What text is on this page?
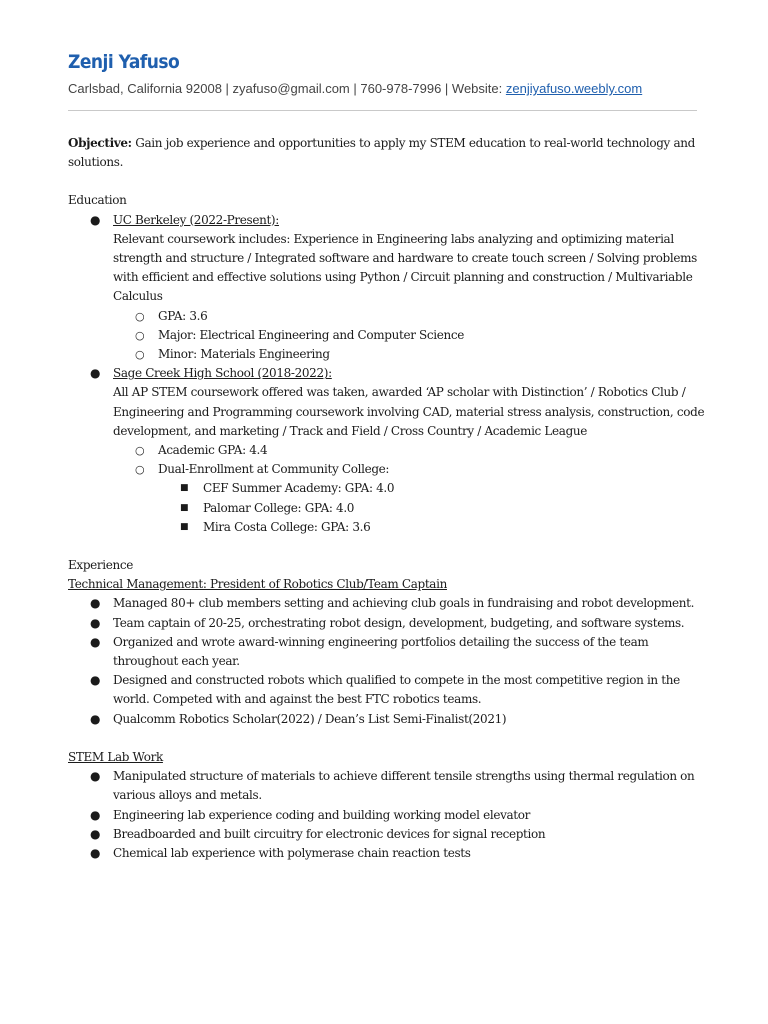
Zenji Yafuso
Carlsbad, California 92008 | zyafuso@gmail.com | 760-978-7996 | Website: zenjiyafuso.weebly.com
Objective: Gain job experience and opportunities to apply my STEM education to real-world technology and solutions.
Education
● UC Berkeley (2022-Present):
Relevant coursework includes: Experience in Engineering labs analyzing and optimizing material strength and structure / Integrated software and hardware to create touch screen / Solving problems with efficient and effective solutions using Python / Circuit planning and construction / Multivariable Calculus
○ GPA: 3.6
○ Major: Electrical Engineering and Computer Science
○ Minor: Materials Engineering
● Sage Creek High School (2018-2022):
All AP STEM coursework offered was taken, awarded ‘AP scholar with Distinction’ / Robotics Club / Engineering and Programming coursework involving CAD, material stress analysis, construction, code development, and marketing / Track and Field / Cross Country / Academic League
○ Academic GPA: 4.4
○ Dual-Enrollment at Community College:
■ CEF Summer Academy: GPA: 4.0
■ Palomar College: GPA: 4.0
■ Mira Costa College: GPA: 3.6
Experience
Technical Management: President of Robotics Club/Team Captain
● Managed 80+ club members setting and achieving club goals in fundraising and robot development.
● Team captain of 20-25, orchestrating robot design, development, budgeting, and software systems.
● Organized and wrote award-winning engineering portfolios detailing the success of the team throughout each year.
● Designed and constructed robots which qualified to compete in the most competitive region in the world. Competed with and against the best FTC robotics teams.
● Qualcomm Robotics Scholar(2022) / Dean’s List Semi-Finalist(2021)
STEM Lab Work
● Manipulated structure of materials to achieve different tensile strengths using thermal regulation on various alloys and metals.
● Engineering lab experience coding and building working model elevator
● Breadboarded and built circuitry for electronic devices for signal reception
● Chemical lab experience with polymerase chain reaction tests
